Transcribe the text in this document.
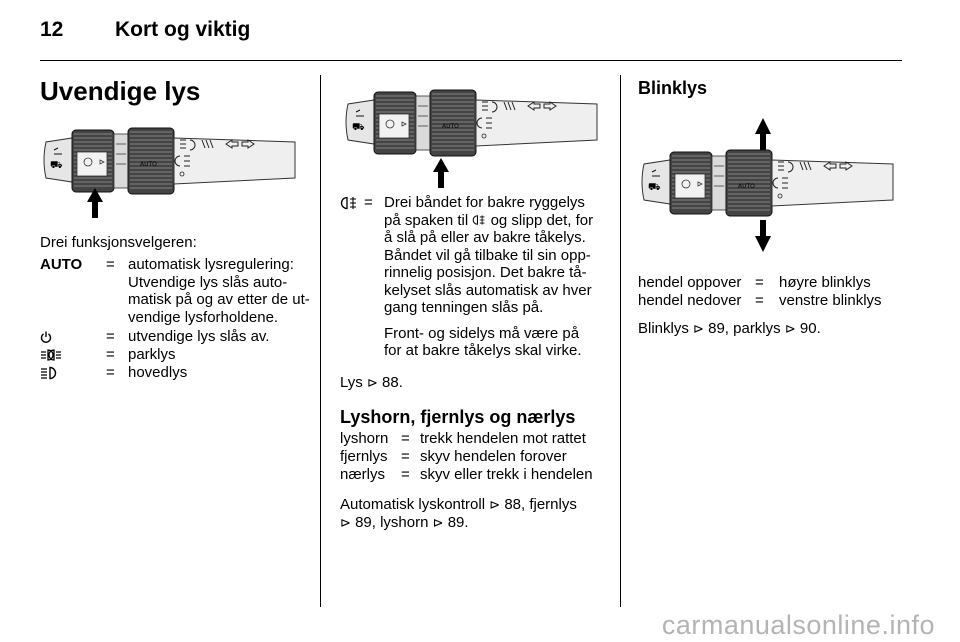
12 Kort og viktig
Uvendige lys
AUTO
Drei funksjonsvelgeren:
AUTO = automatisk lysregulering:
Utvendige lys slås auto-
matisk på og av etter de ut-
vendige lysforholdene.
= utvendige lys slås av.
= parklys
= hovedlys
AUTO
= Drei båndet for bakre ryggelys
på spaken til og slipp det, for
å slå på eller av bakre tåkelys.
Båndet vil gå tilbake til sin opp-
rinnelig posisjon. Det bakre tå-
kelyset slås automatisk av hver
gang tenningen slås på.

Front- og sidelys må være på
for at bakre tåkelys skal virke.
Lys ⊳ 88.
Lyshorn, fjernlys og nærlys
lyshorn = trekk hendelen mot rattet
fjernlys = skyv hendelen forover
nærlys = skyv eller trekk i hendelen
Automatisk lyskontroll ⊳ 88, fjernlys
⊳ 89, lyshorn ⊳ 89.
Blinklys
AUTO
hendel oppover = høyre blinklys
hendel nedover = venstre blinklys
Blinklys ⊳ 89, parklys ⊳ 90.
carmanualsonline.info
